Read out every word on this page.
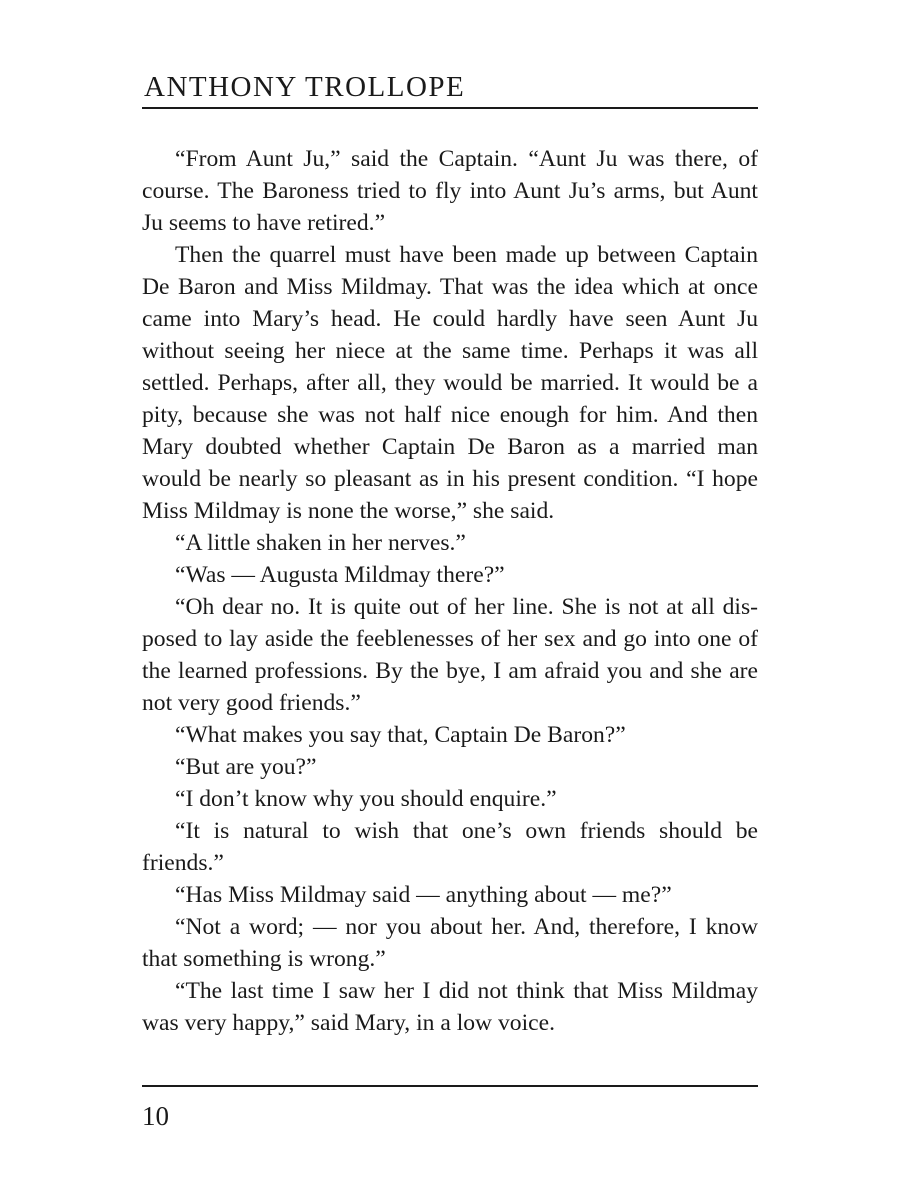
ANTHONY TROLLOPE

“From Aunt Ju,” said the Captain. “Aunt Ju was there, of course. The Baroness tried to fly into Aunt Ju’s arms, but Aunt Ju seems to have retired.”

Then the quarrel must have been made up between Captain De Baron and Miss Mildmay. That was the idea which at once came into Mary’s head. He could hardly have seen Aunt Ju without seeing her niece at the same time. Perhaps it was all settled. Perhaps, after all, they would be married. It would be a pity, because she was not half nice enough for him. And then Mary doubted whether Captain De Baron as a married man would be nearly so pleasant as in his present condition. “I hope Miss Mildmay is none the worse,” she said.

“A little shaken in her nerves.”

“Was — Augusta Mildmay there?”

“Oh dear no. It is quite out of her line. She is not at all disposed to lay aside the feeblenesses of her sex and go into one of the learned professions. By the bye, I am afraid you and she are not very good friends.”

“What makes you say that, Captain De Baron?”

“But are you?”

“I don’t know why you should enquire.”

“It is natural to wish that one’s own friends should be friends.”

“Has Miss Mildmay said — anything about — me?”

“Not a word; — nor you about her. And, therefore, I know that something is wrong.”

“The last time I saw her I did not think that Miss Mildmay was very happy,” said Mary, in a low voice.

10
